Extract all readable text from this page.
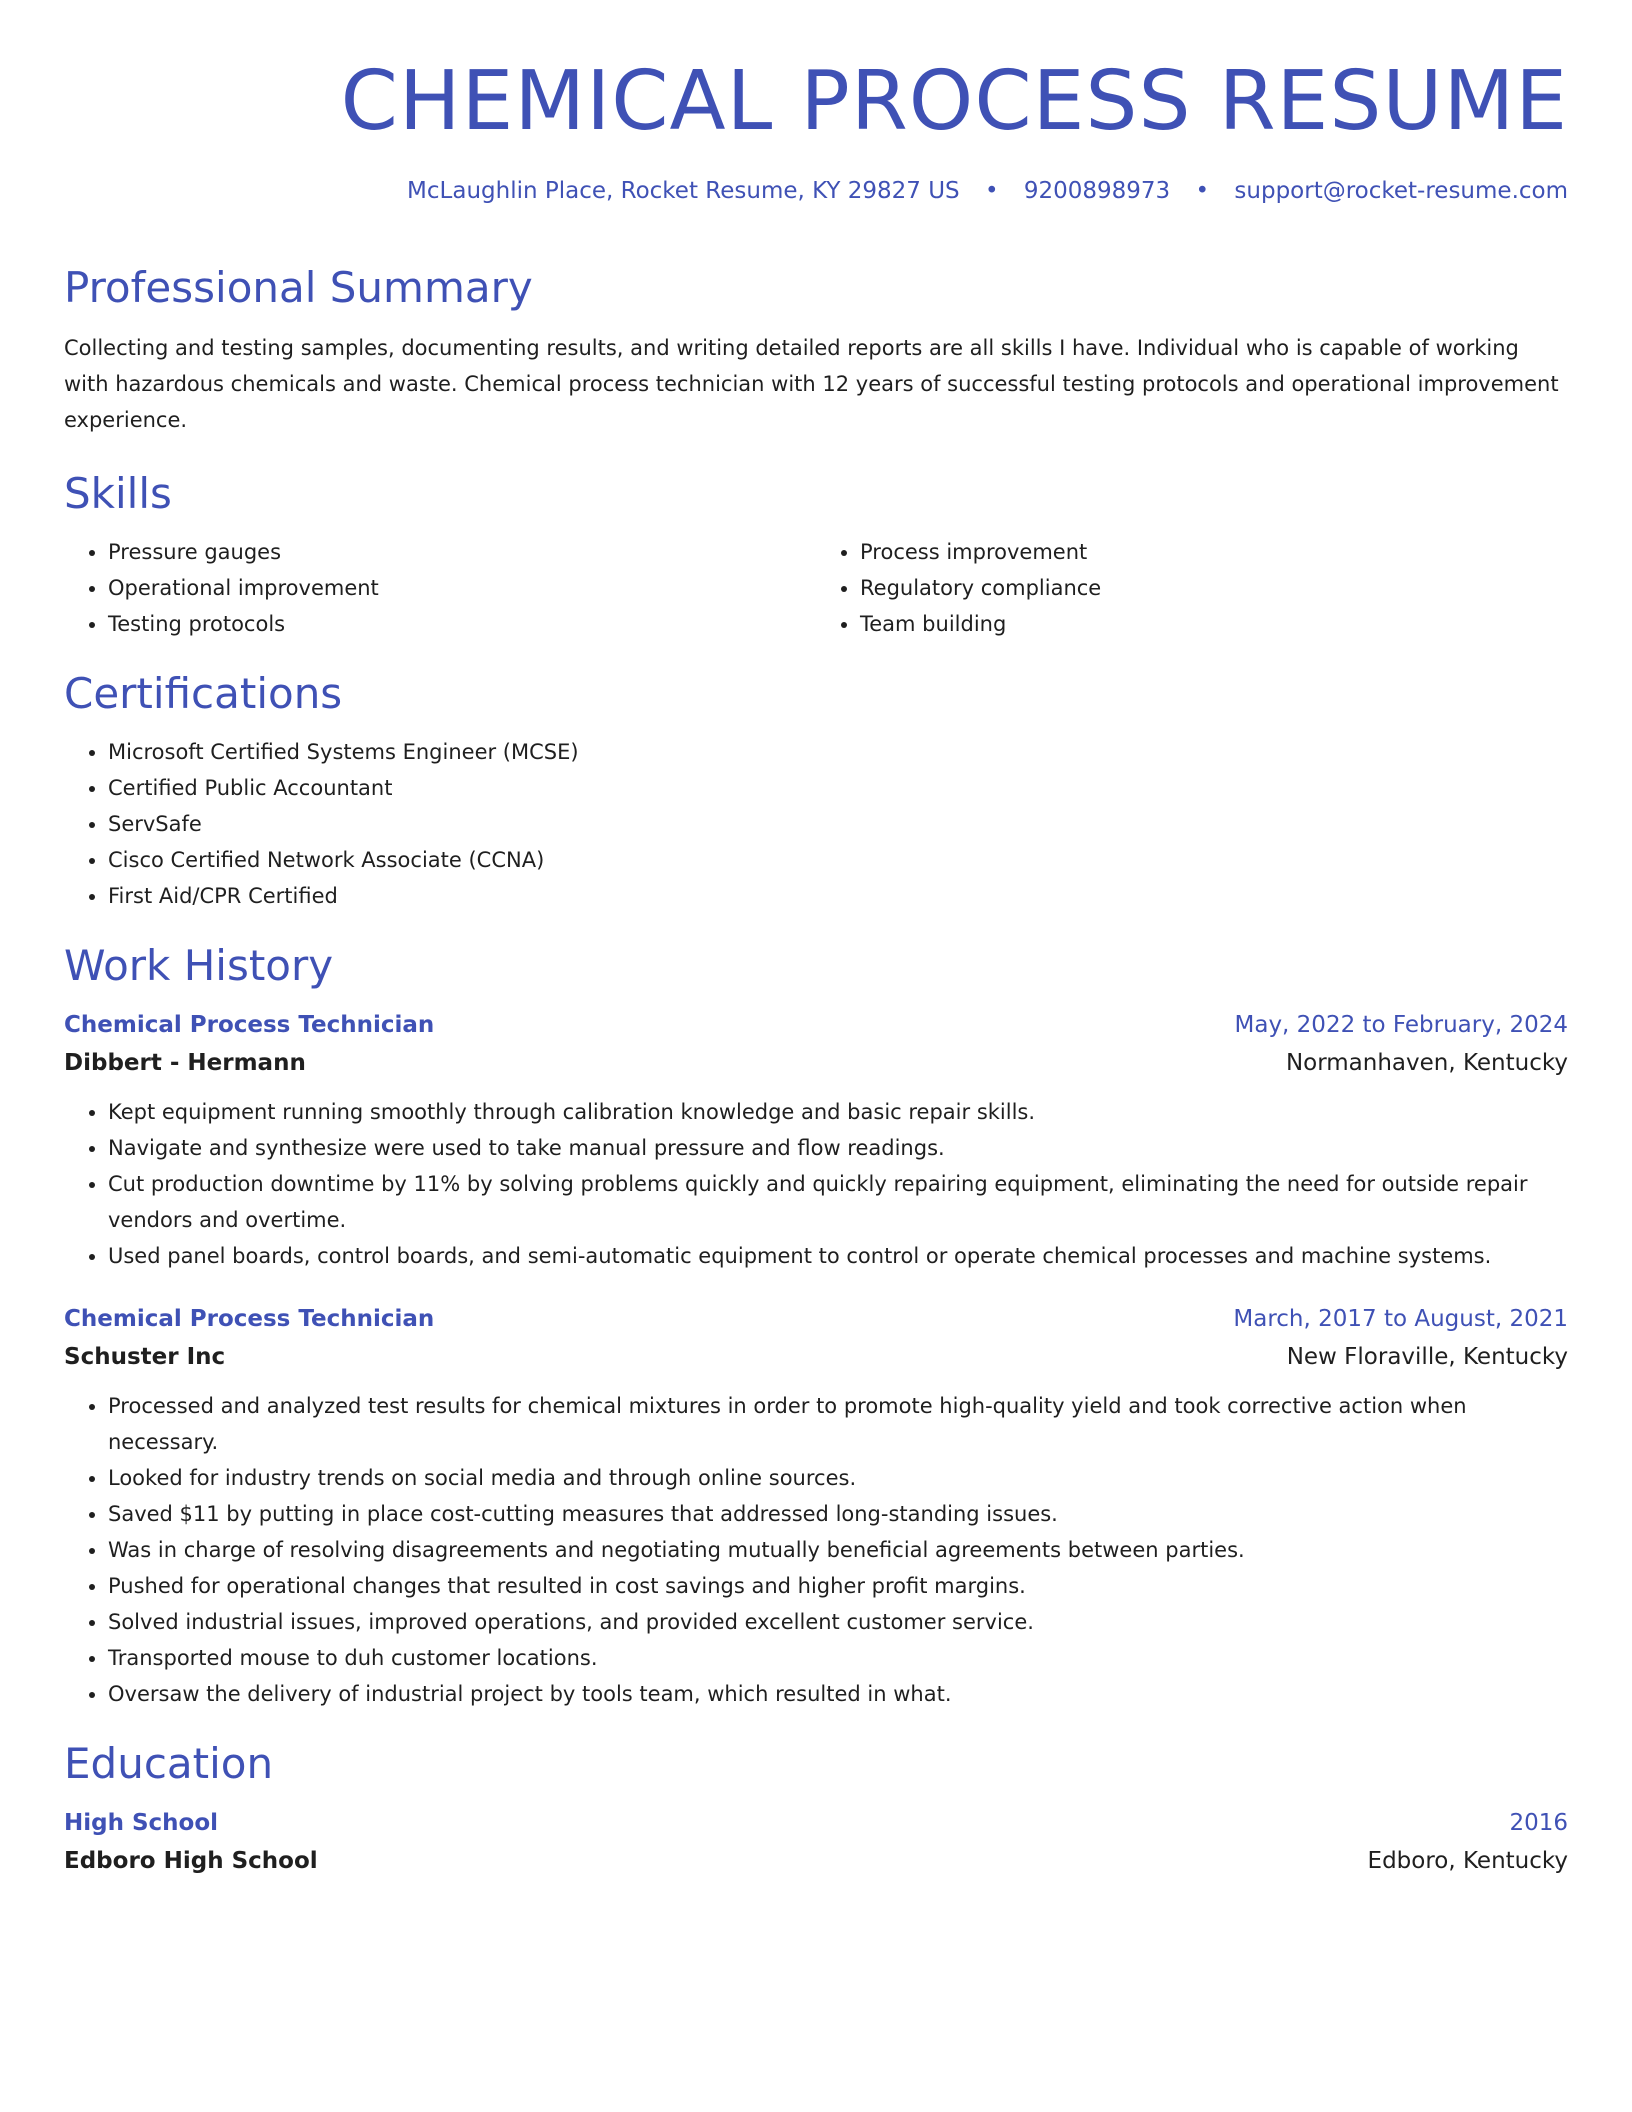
CHEMICAL PROCESS RESUME
McLaughlin Place, Rocket Resume, KY 29827 US • 9200898973 • support@rocket-resume.com
Professional Summary

Collecting and testing samples, documenting results, and writing detailed reports are all skills I have. Individual who is capable of working with hazardous chemicals and waste. Chemical process technician with 12 years of successful testing protocols and operational improvement experience.

Skills
• Pressure gauges
• Operational improvement
• Testing protocols
• Process improvement
• Regulatory compliance
• Team building
Certifications
• Microsoft Certified Systems Engineer (MCSE)
• Certified Public Accountant
• ServSafe
• Cisco Certified Network Associate (CCNA)
• First Aid/CPR Certified
Work History
Chemical Process Technician	May, 2022 to February, 2024
Dibbert - Hermann	Normanhaven, Kentucky
• Kept equipment running smoothly through calibration knowledge and basic repair skills.
• Navigate and synthesize were used to take manual pressure and flow readings.
• Cut production downtime by 11% by solving problems quickly and quickly repairing equipment, eliminating the need for outside repair vendors and overtime.
• Used panel boards, control boards, and semi-automatic equipment to control or operate chemical processes and machine systems.
Chemical Process Technician	March, 2017 to August, 2021
Schuster Inc	New Floraville, Kentucky
• Processed and analyzed test results for chemical mixtures in order to promote high-quality yield and took corrective action when necessary.
• Looked for industry trends on social media and through online sources.
• Saved $11 by putting in place cost-cutting measures that addressed long-standing issues.
• Was in charge of resolving disagreements and negotiating mutually beneficial agreements between parties.
• Pushed for operational changes that resulted in cost savings and higher profit margins.
• Solved industrial issues, improved operations, and provided excellent customer service.
• Transported mouse to duh customer locations.
• Oversaw the delivery of industrial project by tools team, which resulted in what.
Education
High School	2016
Edboro High School	Edboro, Kentucky
